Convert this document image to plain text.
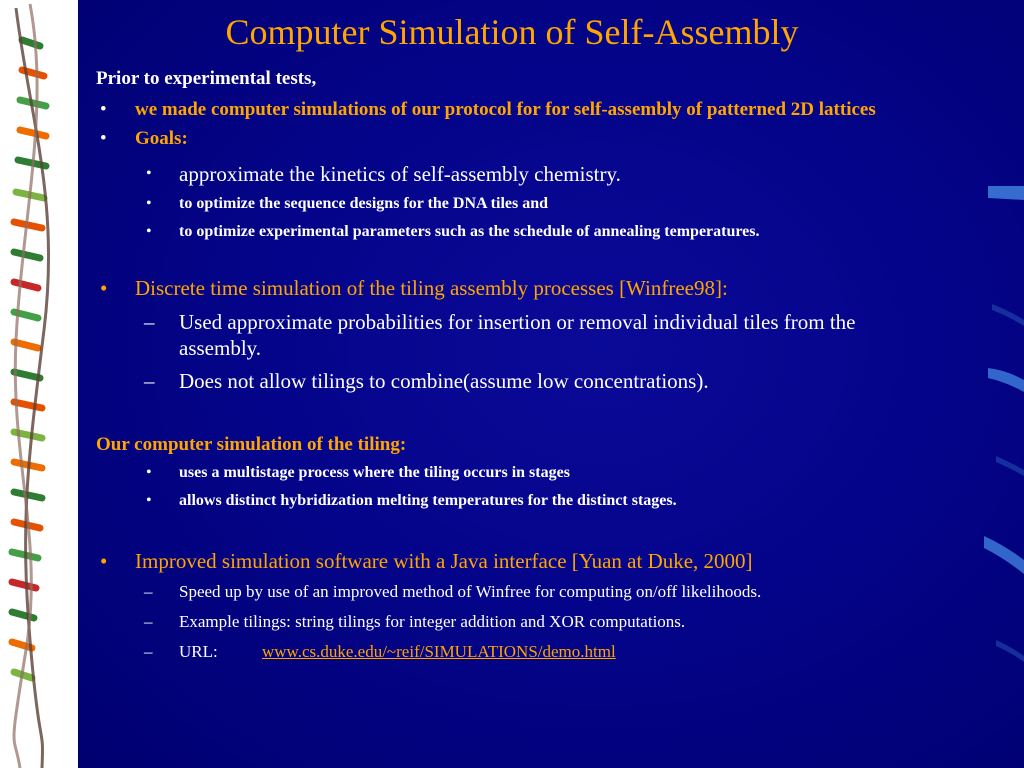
Computer Simulation of Self-Assembly
Prior to experimental tests,
• we made computer simulations of our protocol for for self-assembly of patterned 2D lattices
• Goals:
• approximate the kinetics of self-assembly chemistry.
• to optimize the sequence designs for the DNA tiles and
• to optimize experimental parameters such as the schedule of annealing temperatures.
• Discrete time simulation of the tiling assembly processes [Winfree98]:
– Used approximate probabilities for insertion or removal individual tiles from the assembly.
– Does not allow tilings to combine(assume low concentrations).
Our computer simulation of the tiling:
• uses a multistage process where the tiling occurs in stages
• allows distinct hybridization melting temperatures for the distinct stages.
• Improved simulation software with a Java interface [Yuan at Duke, 2000]
– Speed up by use of an improved method of Winfree for computing on/off likelihoods.
– Example tilings: string tilings for integer addition and XOR computations.
– URL:	www.cs.duke.edu/~reif/SIMULATIONS/demo.html
